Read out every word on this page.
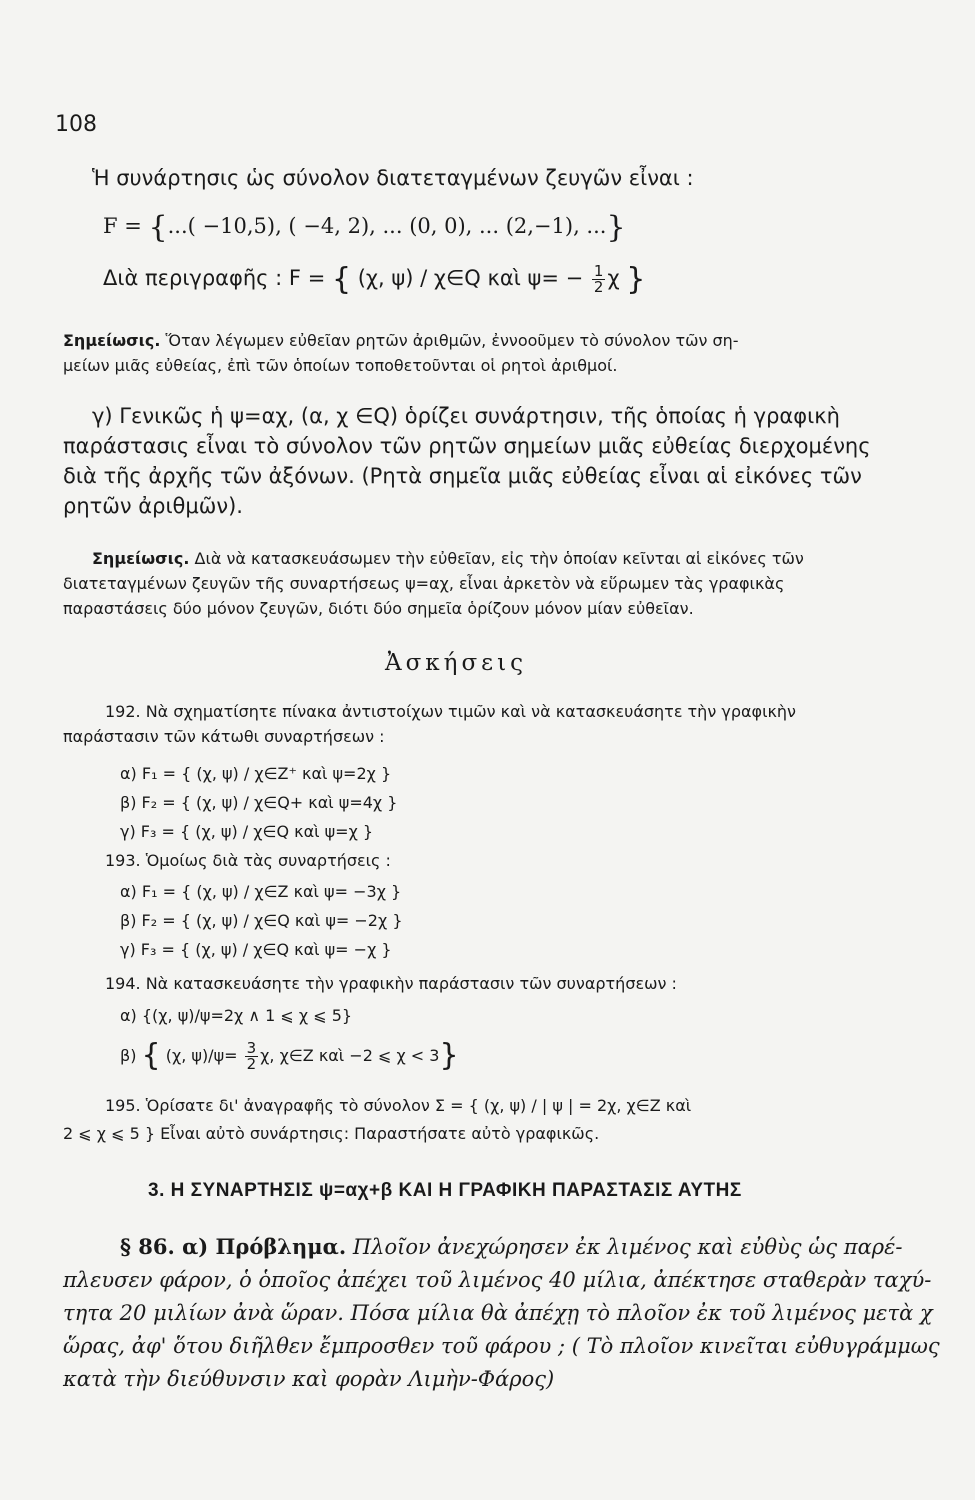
108
Ἡ συνάρτησις ὡς σύνολον διατεταγμένων ζευγῶν εἶναι :
F = {...( −10,5), ( −4, 2), ... (0, 0), ... (2,−1), ...}
Διὰ περιγραφῆς : F = { (χ, ψ) / χ∈Q καὶ $\psi= - \frac{1}{2}$ χ }
Σημείωσις. Ὅταν λέγωμεν εὐθεῖαν ρητῶν ἀριθμῶν, ἐννοοῦμεν τὸ σύνολον τῶν ση-
μείων μιᾶς εὐθείας, ἐπὶ τῶν ὁποίων τοποθετοῦνται οἱ ρητοὶ ἀριθμοί.
γ) Γενικῶς ἡ ψ=αχ, (α, χ ∈Q) ὁρίζει συνάρτησιν, τῆς ὁποίας ἡ γραφικὴ
παράστασις εἶναι τὸ σύνολον τῶν ρητῶν σημείων μιᾶς εὐθείας διερχομένης
διὰ τῆς ἀρχῆς τῶν ἀξόνων. (Ρητὰ σημεῖα μιᾶς εὐθείας εἶναι αἱ εἰκόνες τῶν
ρητῶν ἀριθμῶν).
Σημείωσις. Διὰ νὰ κατασκευάσωμεν τὴν εὐθεῖαν, εἰς τὴν ὁποίαν κεῖνται αἱ εἰκόνες τῶν
διατεταγμένων ζευγῶν τῆς συναρτήσεως ψ=αχ, εἶναι ἀρκετὸν νὰ εὕρωμεν τὰς γραφικὰς
παραστάσεις δύο μόνον ζευγῶν, διότι δύο σημεῖα ὁρίζουν μόνον μίαν εὐθεῖαν.
Ἀσκήσεις
192. Νὰ σχηματίσητε πίνακα ἀντιστοίχων τιμῶν καὶ νὰ κατασκευάσητε τὴν γραφικὴν
παράστασιν τῶν κάτωθι συναρτήσεων :
α) F₁ = { (χ, ψ) / χ∈Z⁺ καὶ ψ=2χ }
β) F₂ = { (χ, ψ) / χ∈Q+ καὶ ψ=4χ }
γ) F₃ = { (χ, ψ) / χ∈Q καὶ ψ=χ }
193. Ὁμοίως διὰ τὰς συναρτήσεις :
α) F₁ = { (χ, ψ) / χ∈Z καὶ ψ= −3χ }
β) F₂ = { (χ, ψ) / χ∈Q καὶ ψ= −2χ }
γ) F₃ = { (χ, ψ) / χ∈Q καὶ ψ= −χ }
194. Νὰ κατασκευάσητε τὴν γραφικὴν παράστασιν τῶν συναρτήσεων :
α) {(χ, ψ)/ψ=2χ ∧ 1 ⩽ χ ⩽ 5}
β) { (χ, $\psi)/\psi= \frac{3}{2} \chi$, χ∈Z καὶ −2 ⩽ χ < 3}
195. Ὁρίσατε δι' ἀναγραφῆς τὸ σύνολον Σ = { (χ, ψ) / | ψ | = 2χ, χ∈Z καὶ
2 ⩽ χ ⩽ 5 } Εἶναι αὐτὸ συνάρτησις: Παραστήσατε αὐτὸ γραφικῶς.
3. Η ΣΥΝΑΡΤΗΣΙΣ ψ=αχ+β ΚΑΙ Η ΓΡΑΦΙΚΗ ΠΑΡΑΣΤΑΣΙΣ ΑΥΤΗΣ
§ 86. α) Πρόβλημα. Πλοῖον ἀνεχώρησεν ἐκ λιμένος καὶ εὐθὺς ὡς παρέ-
πλευσεν φάρον, ὁ ὁποῖος ἀπέχει τοῦ λιμένος 40 μίλια, ἀπέκτησε σταθερὰν ταχύ-
τητα 20 μιλίων ἀνὰ ὥραν. Πόσα μίλια θὰ ἀπέχῃ τὸ πλοῖον ἐκ τοῦ λιμένος μετὰ χ
ὥρας, ἀφ' ὅτου διῆλθεν ἔμπροσθεν τοῦ φάρου ; ( Τὸ πλοῖον κινεῖται εὐθυγράμμως
κατὰ τὴν διεύθυνσιν καὶ φορὰν Λιμὴν-Φάρος)
